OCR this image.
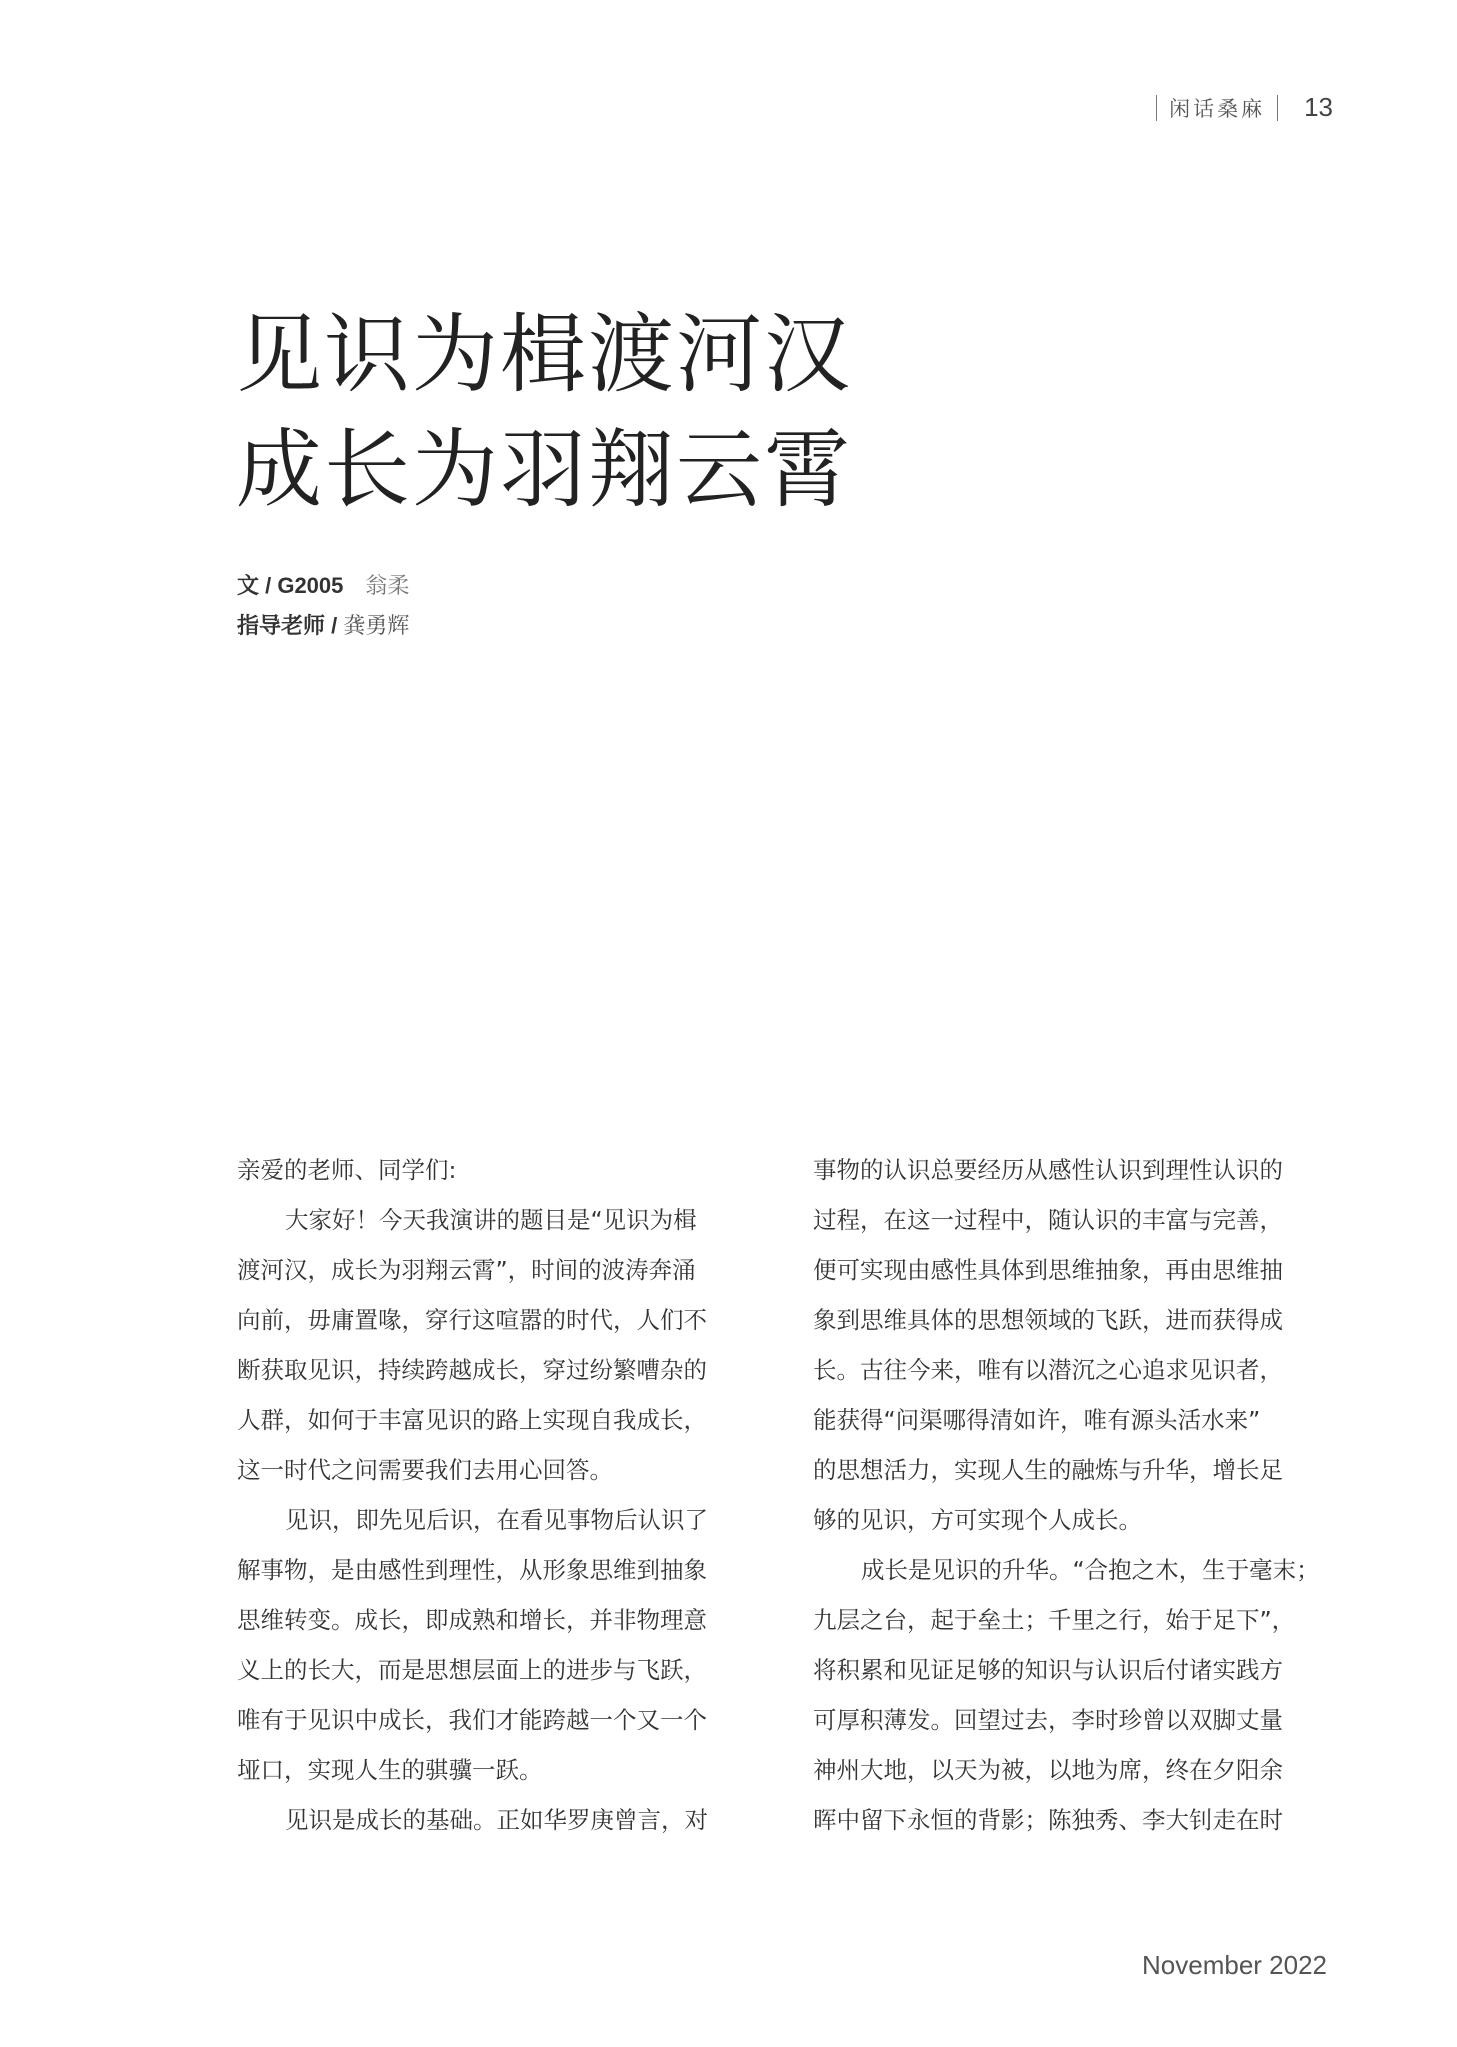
闲话桑麻	13
见识为楫渡河汉
成长为羽翔云霄
文 / G2005 翁柔
指导老师 / 龚勇辉
亲爱的老师、同学们:
大家好！今天我演讲的题目是“见识为楫
渡河汉，成长为羽翔云霄”，时间的波涛奔涌
向前，毋庸置喙，穿行这喧嚣的时代，人们不
断获取见识，持续跨越成长，穿过纷繁嘈杂的
人群，如何于丰富见识的路上实现自我成长，
这一时代之问需要我们去用心回答。
见识，即先见后识，在看见事物后认识了
解事物，是由感性到理性，从形象思维到抽象
思维转变。成长，即成熟和增长，并非物理意
义上的长大，而是思想层面上的进步与飞跃，
唯有于见识中成长，我们才能跨越一个又一个
垭口，实现人生的骐骥一跃。
见识是成长的基础。正如华罗庚曾言，对
事物的认识总要经历从感性认识到理性认识的
过程，在这一过程中，随认识的丰富与完善，
便可实现由感性具体到思维抽象，再由思维抽
象到思维具体的思想领域的飞跃，进而获得成
长。古往今来，唯有以潜沉之心追求见识者，
能获得“问渠哪得清如许，唯有源头活水来”
的思想活力，实现人生的融炼与升华，增长足
够的见识，方可实现个人成长。
成长是见识的升华。“合抱之木，生于毫末；
九层之台，起于垒土；千里之行，始于足下”，
将积累和见证足够的知识与认识后付诸实践方
可厚积薄发。回望过去，李时珍曾以双脚丈量
神州大地，以天为被，以地为席，终在夕阳余
晖中留下永恒的背影；陈独秀、李大钊走在时
November 2022
